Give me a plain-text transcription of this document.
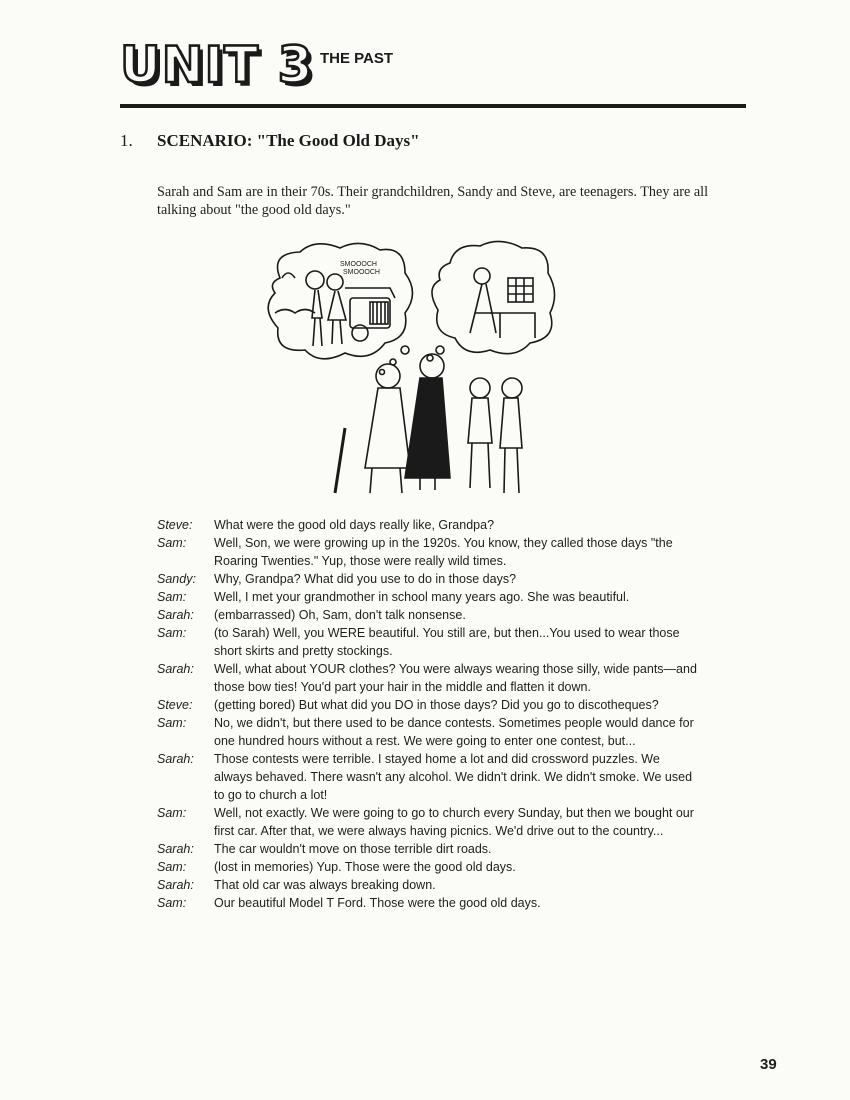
UNIT 3 THE PAST
1. SCENARIO: "The Good Old Days"
Sarah and Sam are in their 70s. Their grandchildren, Sandy and Steve, are teenagers. They are all talking about "the good old days."
SMOOOCH
SMOOOCH
Steve:	What were the good old days really like, Grandpa?
Sam:	Well, Son, we were growing up in the 1920s. You know, they called those days "the Roaring Twenties." Yup, those were really wild times.
Sandy:	Why, Grandpa? What did you use to do in those days?
Sam:	Well, I met your grandmother in school many years ago. She was beautiful.
Sarah:	(embarrassed) Oh, Sam, don't talk nonsense.
Sam:	(to Sarah) Well, you WERE beautiful. You still are, but then...You used to wear those short skirts and pretty stockings.
Sarah:	Well, what about YOUR clothes? You were always wearing those silly, wide pants—and those bow ties! You'd part your hair in the middle and flatten it down.
Steve:	(getting bored) But what did you DO in those days? Did you go to discotheques?
Sam:	No, we didn't, but there used to be dance contests. Sometimes people would dance for one hundred hours without a rest. We were going to enter one contest, but...
Sarah:	Those contests were terrible. I stayed home a lot and did crossword puzzles. We always behaved. There wasn't any alcohol. We didn't drink. We didn't smoke. We used to go to church a lot!
Sam:	Well, not exactly. We were going to go to church every Sunday, but then we bought our first car. After that, we were always having picnics. We'd drive out to the country...
Sarah:	The car wouldn't move on those terrible dirt roads.
Sam:	(lost in memories) Yup. Those were the good old days.
Sarah:	That old car was always breaking down.
Sam:	Our beautiful Model T Ford. Those were the good old days.
39
